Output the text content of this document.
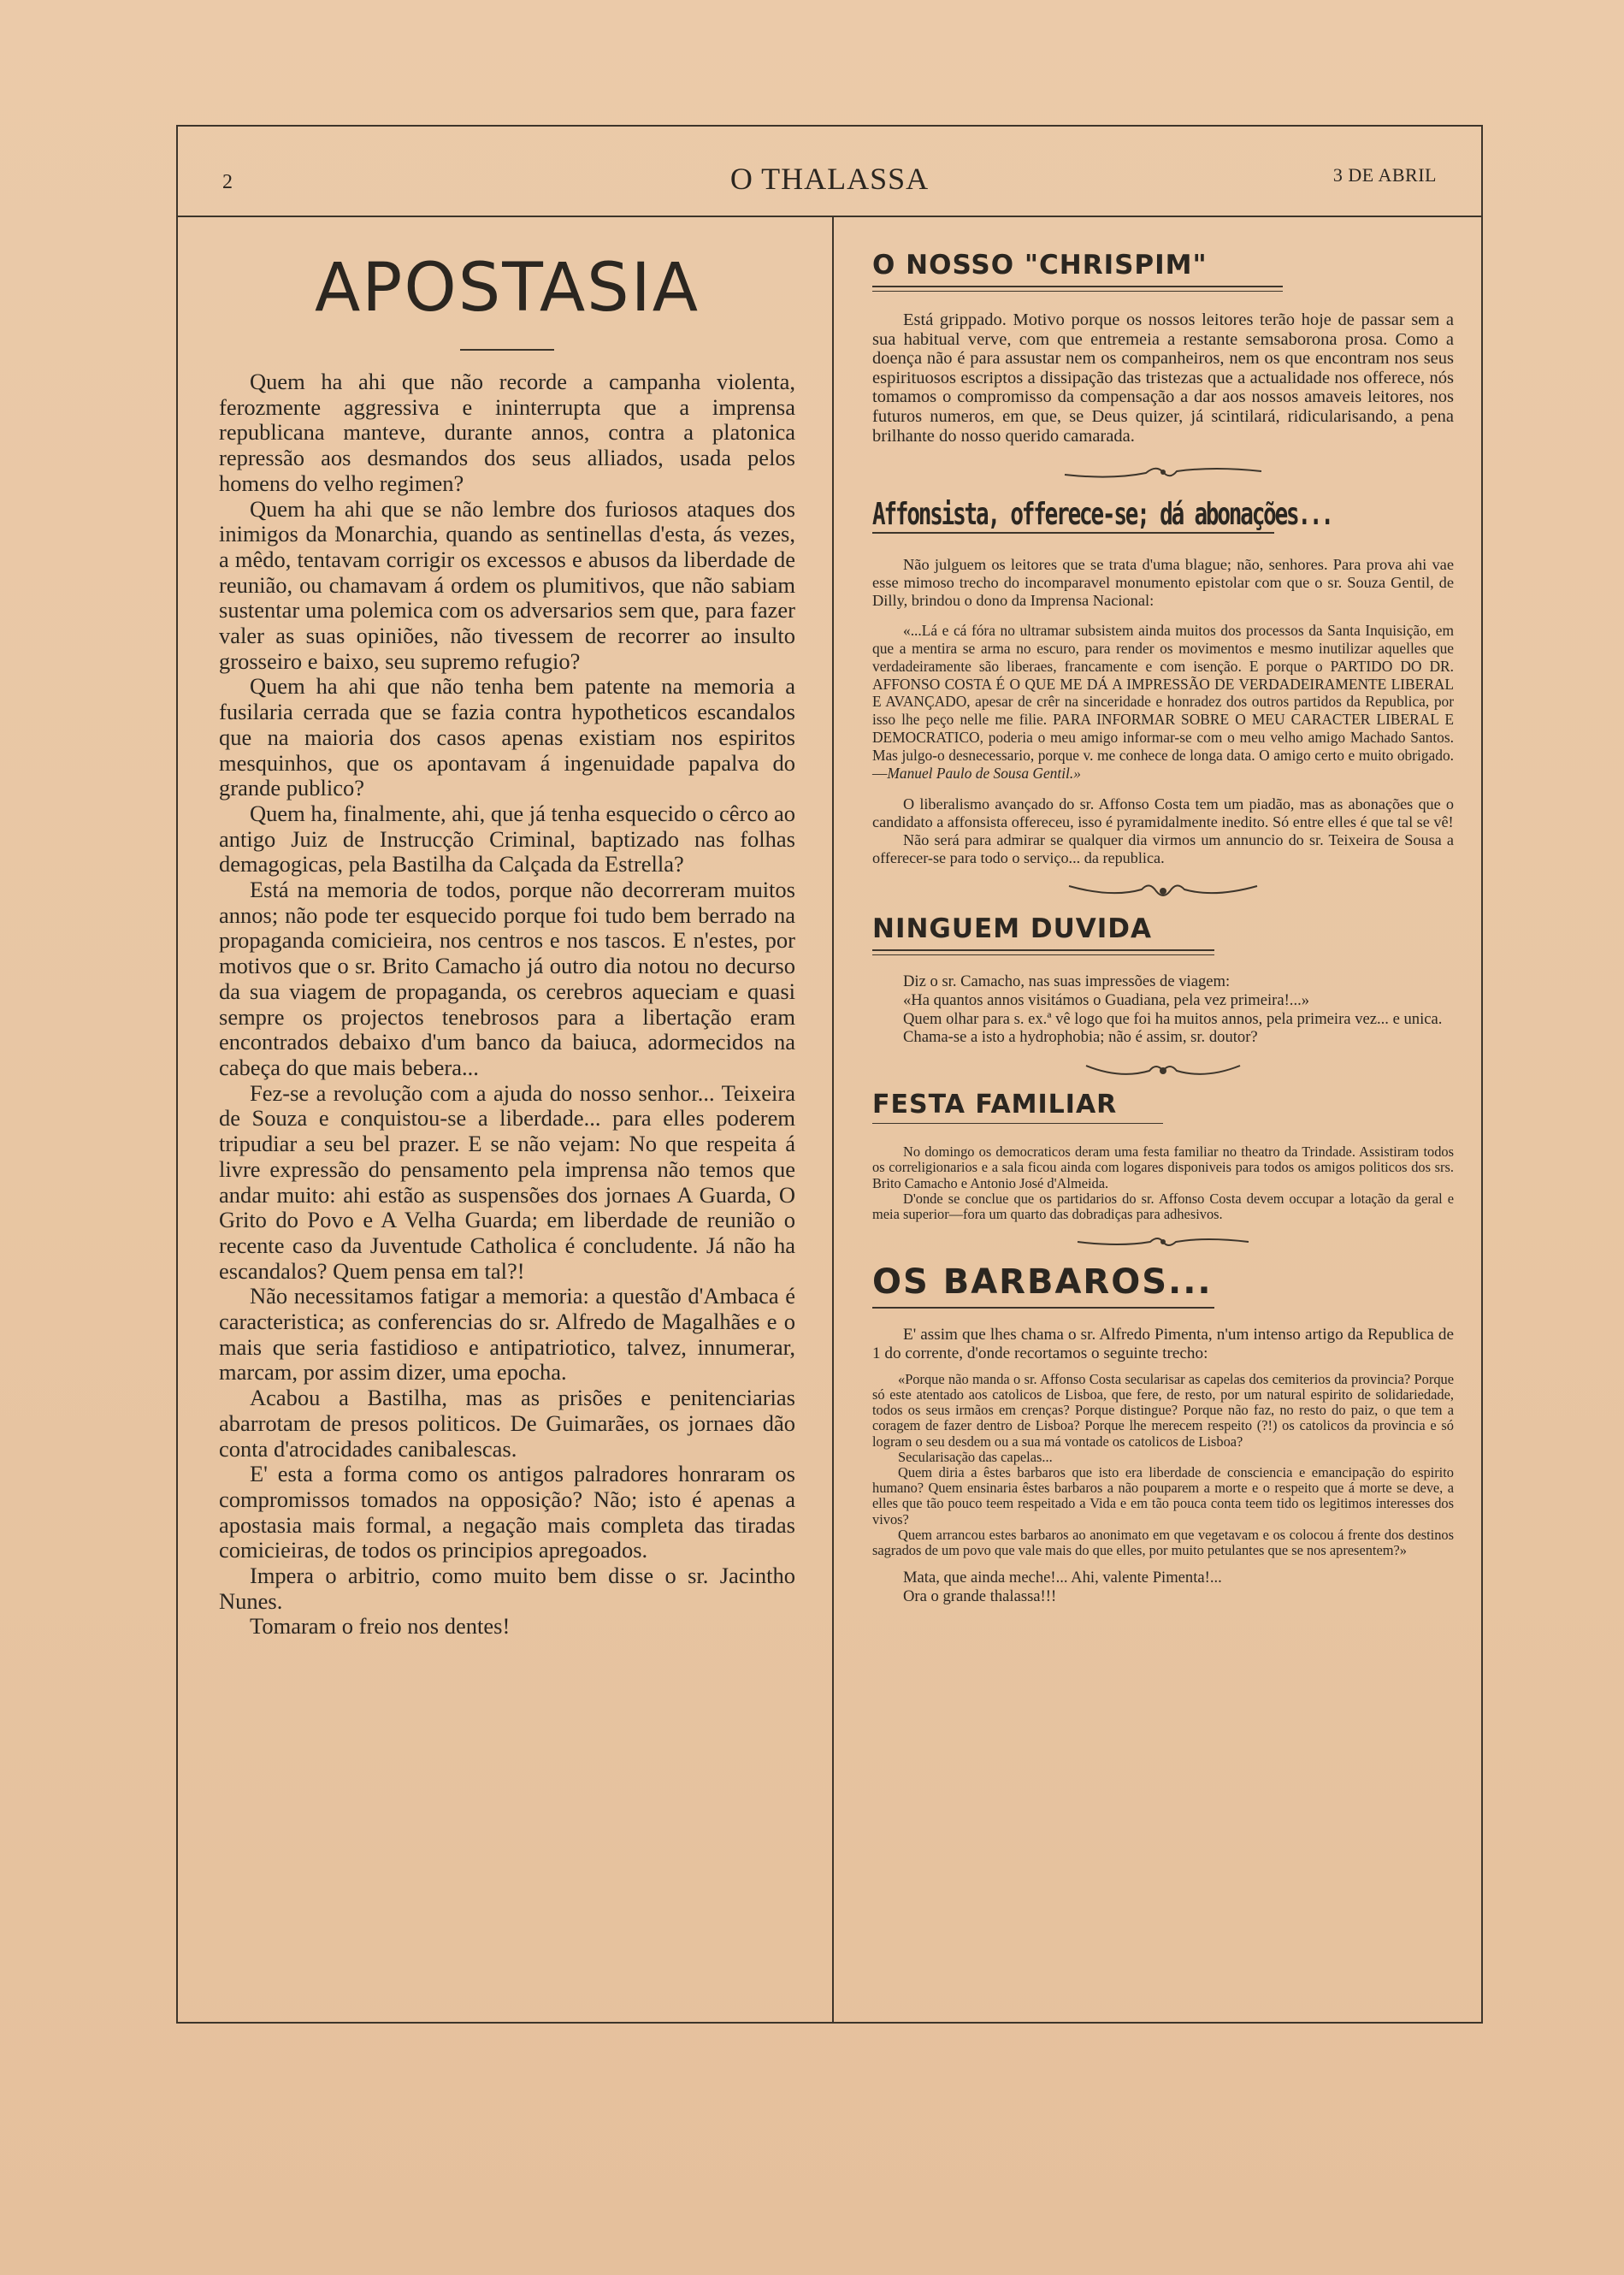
2	O THALASSA	3 DE ABRIL
APOSTASIA

Quem ha ahi que não recorde a campanha violenta, ferozmente aggressiva e ininterrupta que a imprensa republicana manteve, durante annos, contra a platonica repressão aos desmandos dos seus alliados, usada pelos homens do velho regimen?

Quem ha ahi que se não lembre dos furiosos ataques dos inimigos da Monarchia, quando as sentinellas d'esta, ás vezes, a mêdo, tentavam corrigir os excessos e abusos da liberdade de reunião, ou chamavam á ordem os plumitivos, que não sabiam sustentar uma polemica com os adversarios sem que, para fazer valer as suas opiniões, não tivessem de recorrer ao insulto grosseiro e baixo, seu supremo refugio?

Quem ha ahi que não tenha bem patente na memoria a fusilaria cerrada que se fazia contra hypotheticos escandalos que na maioria dos casos apenas existiam nos espiritos mesquinhos, que os apontavam á ingenuidade papalva do grande publico?

Quem ha, finalmente, ahi, que já tenha esquecido o cêrco ao antigo Juiz de Instrucção Criminal, baptizado nas folhas demagogicas, pela Bastilha da Calçada da Estrella?

Está na memoria de todos, porque não decorreram muitos annos; não pode ter esquecido porque foi tudo bem berrado na propaganda comicieira, nos centros e nos tascos. E n'estes, por motivos que o sr. Brito Camacho já outro dia notou no decurso da sua viagem de propaganda, os cerebros aqueciam e quasi sempre os projectos tenebrosos para a libertação eram encontrados debaixo d'um banco da baiuca, adormecidos na cabeça do que mais bebera...

Fez-se a revolução com a ajuda do nosso senhor... Teixeira de Souza e conquistou-se a liberdade... para elles poderem tripudiar a seu bel prazer. E se não vejam: No que respeita á livre expressão do pensamento pela imprensa não temos que andar muito: ahi estão as suspensões dos jornaes A Guarda, O Grito do Povo e A Velha Guarda; em liberdade de reunião o recente caso da Juventude Catholica é concludente. Já não ha escandalos? Quem pensa em tal?!

Não necessitamos fatigar a memoria: a questão d'Ambaca é caracteristica; as conferencias do sr. Alfredo de Magalhães e o mais que seria fastidioso e antipatriotico, talvez, innumerar, marcam, por assim dizer, uma epocha.

Acabou a Bastilha, mas as prisões e penitenciarias abarrotam de presos politicos. De Guimarães, os jornaes dão conta d'atrocidades canibalescas.

E' esta a forma como os antigos palradores honraram os compromissos tomados na opposição? Não; isto é apenas a apostasia mais formal, a negação mais completa das tiradas comicieiras, de todos os principios apregoados.

Impera o arbitrio, como muito bem disse o sr. Jacintho Nunes.

Tomaram o freio nos dentes!

O NOSSO "CHRISPIM"

Está grippado. Motivo porque os nossos leitores terão hoje de passar sem a sua habitual verve, com que entremeia a restante semsaborona prosa. Como a doença não é para assustar nem os companheiros, nem os que encontram nos seus espirituosos escriptos a dissipação das tristezas que a actualidade nos offerece, nós tomamos o compromisso da compensação a dar aos nossos amaveis leitores, nos futuros numeros, em que, se Deus quizer, já scintilará, ridicularisando, a pena brilhante do nosso querido camarada.

Affonsista, offerece-se; dá abonações...

Não julguem os leitores que se trata d'uma blague; não, senhores. Para prova ahi vae esse mimoso trecho do incomparavel monumento epistolar com que o sr. Souza Gentil, de Dilly, brindou o dono da Imprensa Nacional:

«...Lá e cá fóra no ultramar subsistem ainda muitos dos processos da Santa Inquisição, em que a mentira se arma no escuro, para render os movimentos e mesmo inutilizar aquelles que verdadeiramente são liberaes, francamente e com isenção. E porque o PARTIDO DO DR. AFFONSO COSTA É O QUE ME DÁ A IMPRESSÃO DE VERDADEIRAMENTE LIBERAL E AVANÇADO, apesar de crêr na sinceridade e honradez dos outros partidos da Republica, por isso lhe peço nelle me filie. PARA INFORMAR SOBRE O MEU CARACTER LIBERAL E DEMOCRATICO, poderia o meu amigo informar-se com o meu velho amigo Machado Santos. Mas julgo-o desnecessario, porque v. me conhece de longa data. O amigo certo e muito obrigado.—Manuel Paulo de Sousa Gentil.»

O liberalismo avançado do sr. Affonso Costa tem um piadão, mas as abonações que o candidato a affonsista offereceu, isso é pyramidalmente inedito. Só entre elles é que tal se vê!

Não será para admirar se qualquer dia virmos um annuncio do sr. Teixeira de Sousa a offerecer-se para todo o serviço... da republica.

NINGUEM DUVIDA

Diz o sr. Camacho, nas suas impressões de viagem:

«Ha quantos annos visitámos o Guadiana, pela vez primeira!...»

Quem olhar para s. ex.ª vê logo que foi ha muitos annos, pela primeira vez... e unica.

Chama-se a isto a hydrophobia; não é assim, sr. doutor?

FESTA FAMILIAR

No domingo os democraticos deram uma festa familiar no theatro da Trindade. Assistiram todos os correligionarios e a sala ficou ainda com logares disponiveis para todos os amigos politicos dos srs. Brito Camacho e Antonio José d'Almeida.

D'onde se conclue que os partidarios do sr. Affonso Costa devem occupar a lotação da geral e meia superior—fora um quarto das dobradiças para adhesivos.

OS BARBAROS...

E' assim que lhes chama o sr. Alfredo Pimenta, n'um intenso artigo da Republica de 1 do corrente, d'onde recortamos o seguinte trecho:

«Porque não manda o sr. Affonso Costa secularisar as capelas dos cemiterios da provincia? Porque só este atentado aos catolicos de Lisboa, que fere, de resto, por um natural espirito de solidariedade, todos os seus irmãos em crenças? Porque distingue? Porque não faz, no resto do paiz, o que tem a coragem de fazer dentro de Lisboa? Porque lhe merecem respeito (?!) os catolicos da provincia e só logram o seu desdem ou a sua má vontade os catolicos de Lisboa?

Secularisação das capelas...

Quem diria a êstes barbaros que isto era liberdade de consciencia e emancipação do espirito humano? Quem ensinaria êstes barbaros a não pouparem a morte e o respeito que á morte se deve, a elles que tão pouco teem respeitado a Vida e em tão pouca conta teem tido os legitimos interesses dos vivos?

Quem arrancou estes barbaros ao anonimato em que vegetavam e os colocou á frente dos destinos sagrados de um povo que vale mais do que elles, por muito petulantes que se nos apresentem?»

Mata, que ainda meche!... Ahi, valente Pimenta!...

Ora o grande thalassa!!!
